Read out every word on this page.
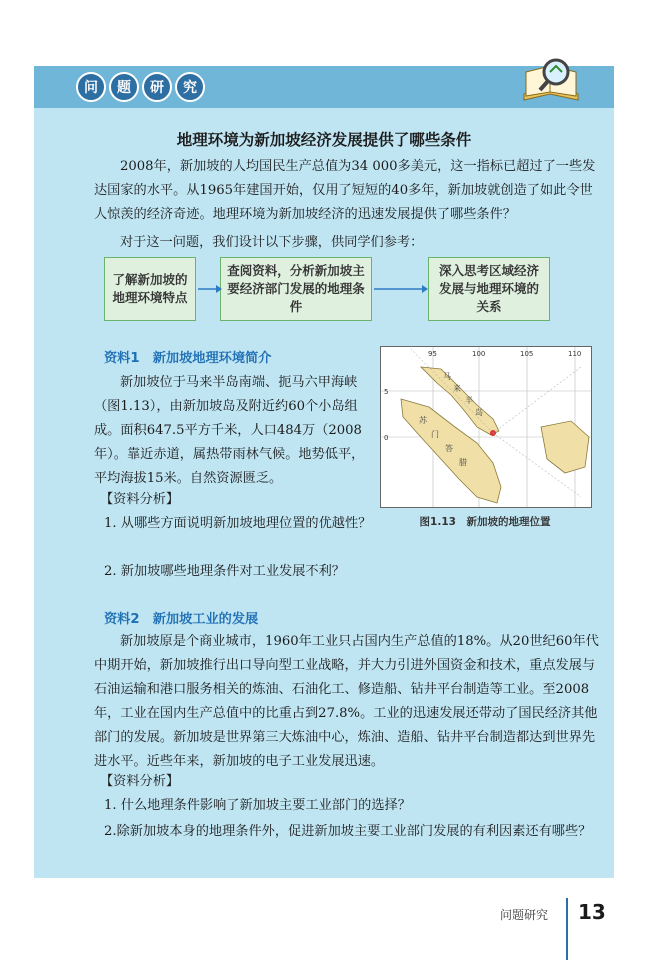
问	题	研	究
地理环境为新加坡经济发展提供了哪些条件

2008年，新加坡的人均国民生产总值为34 000多美元，这一指标已超过了一些发达国家的水平。从1965年建国开始，仅用了短短的40多年，新加坡就创造了如此令世人惊羡的经济奇迹。地理环境为新加坡经济的迅速发展提供了哪些条件？

对于这一问题，我们设计以下步骤，供同学们参考：

了解新加坡的地理环境特点
查阅资料，分析新加坡主要经济部门发展的地理条件
深入思考区域经济发展与地理环境的关系
资料1　新加坡地理环境简介

新加坡位于马来半岛南端、扼马六甲海峡（图1.13），由新加坡岛及附近约60个小岛组成。面积647.5平方千米，人口484万（2008年）。靠近赤道，属热带雨林气候。地势低平，平均海拔15米。自然资源匮乏。

【资料分析】

1. 从哪些方面说明新加坡地理位置的优越性？

2. 新加坡哪些地理条件对工业发展不利？

95	100	105	110
5
0
马
来
半
岛
苏
门
答
腊
图1.13　新加坡的地理位置
资料2　新加坡工业的发展

新加坡原是个商业城市，1960年工业只占国内生产总值的18%。从20世纪60年代中期开始，新加坡推行出口导向型工业战略，并大力引进外国资金和技术，重点发展与石油运输和港口服务相关的炼油、石油化工、修造船、钻井平台制造等工业。至2008年，工业在国内生产总值中的比重占到27.8%。工业的迅速发展还带动了国民经济其他部门的发展。新加坡是世界第三大炼油中心，炼油、造船、钻井平台制造都达到世界先进水平。近些年来，新加坡的电子工业发展迅速。

【资料分析】

1. 什么地理条件影响了新加坡主要工业部门的选择？

2.除新加坡本身的地理条件外，促进新加坡主要工业部门发展的有利因素还有哪些？

问题研究 13
